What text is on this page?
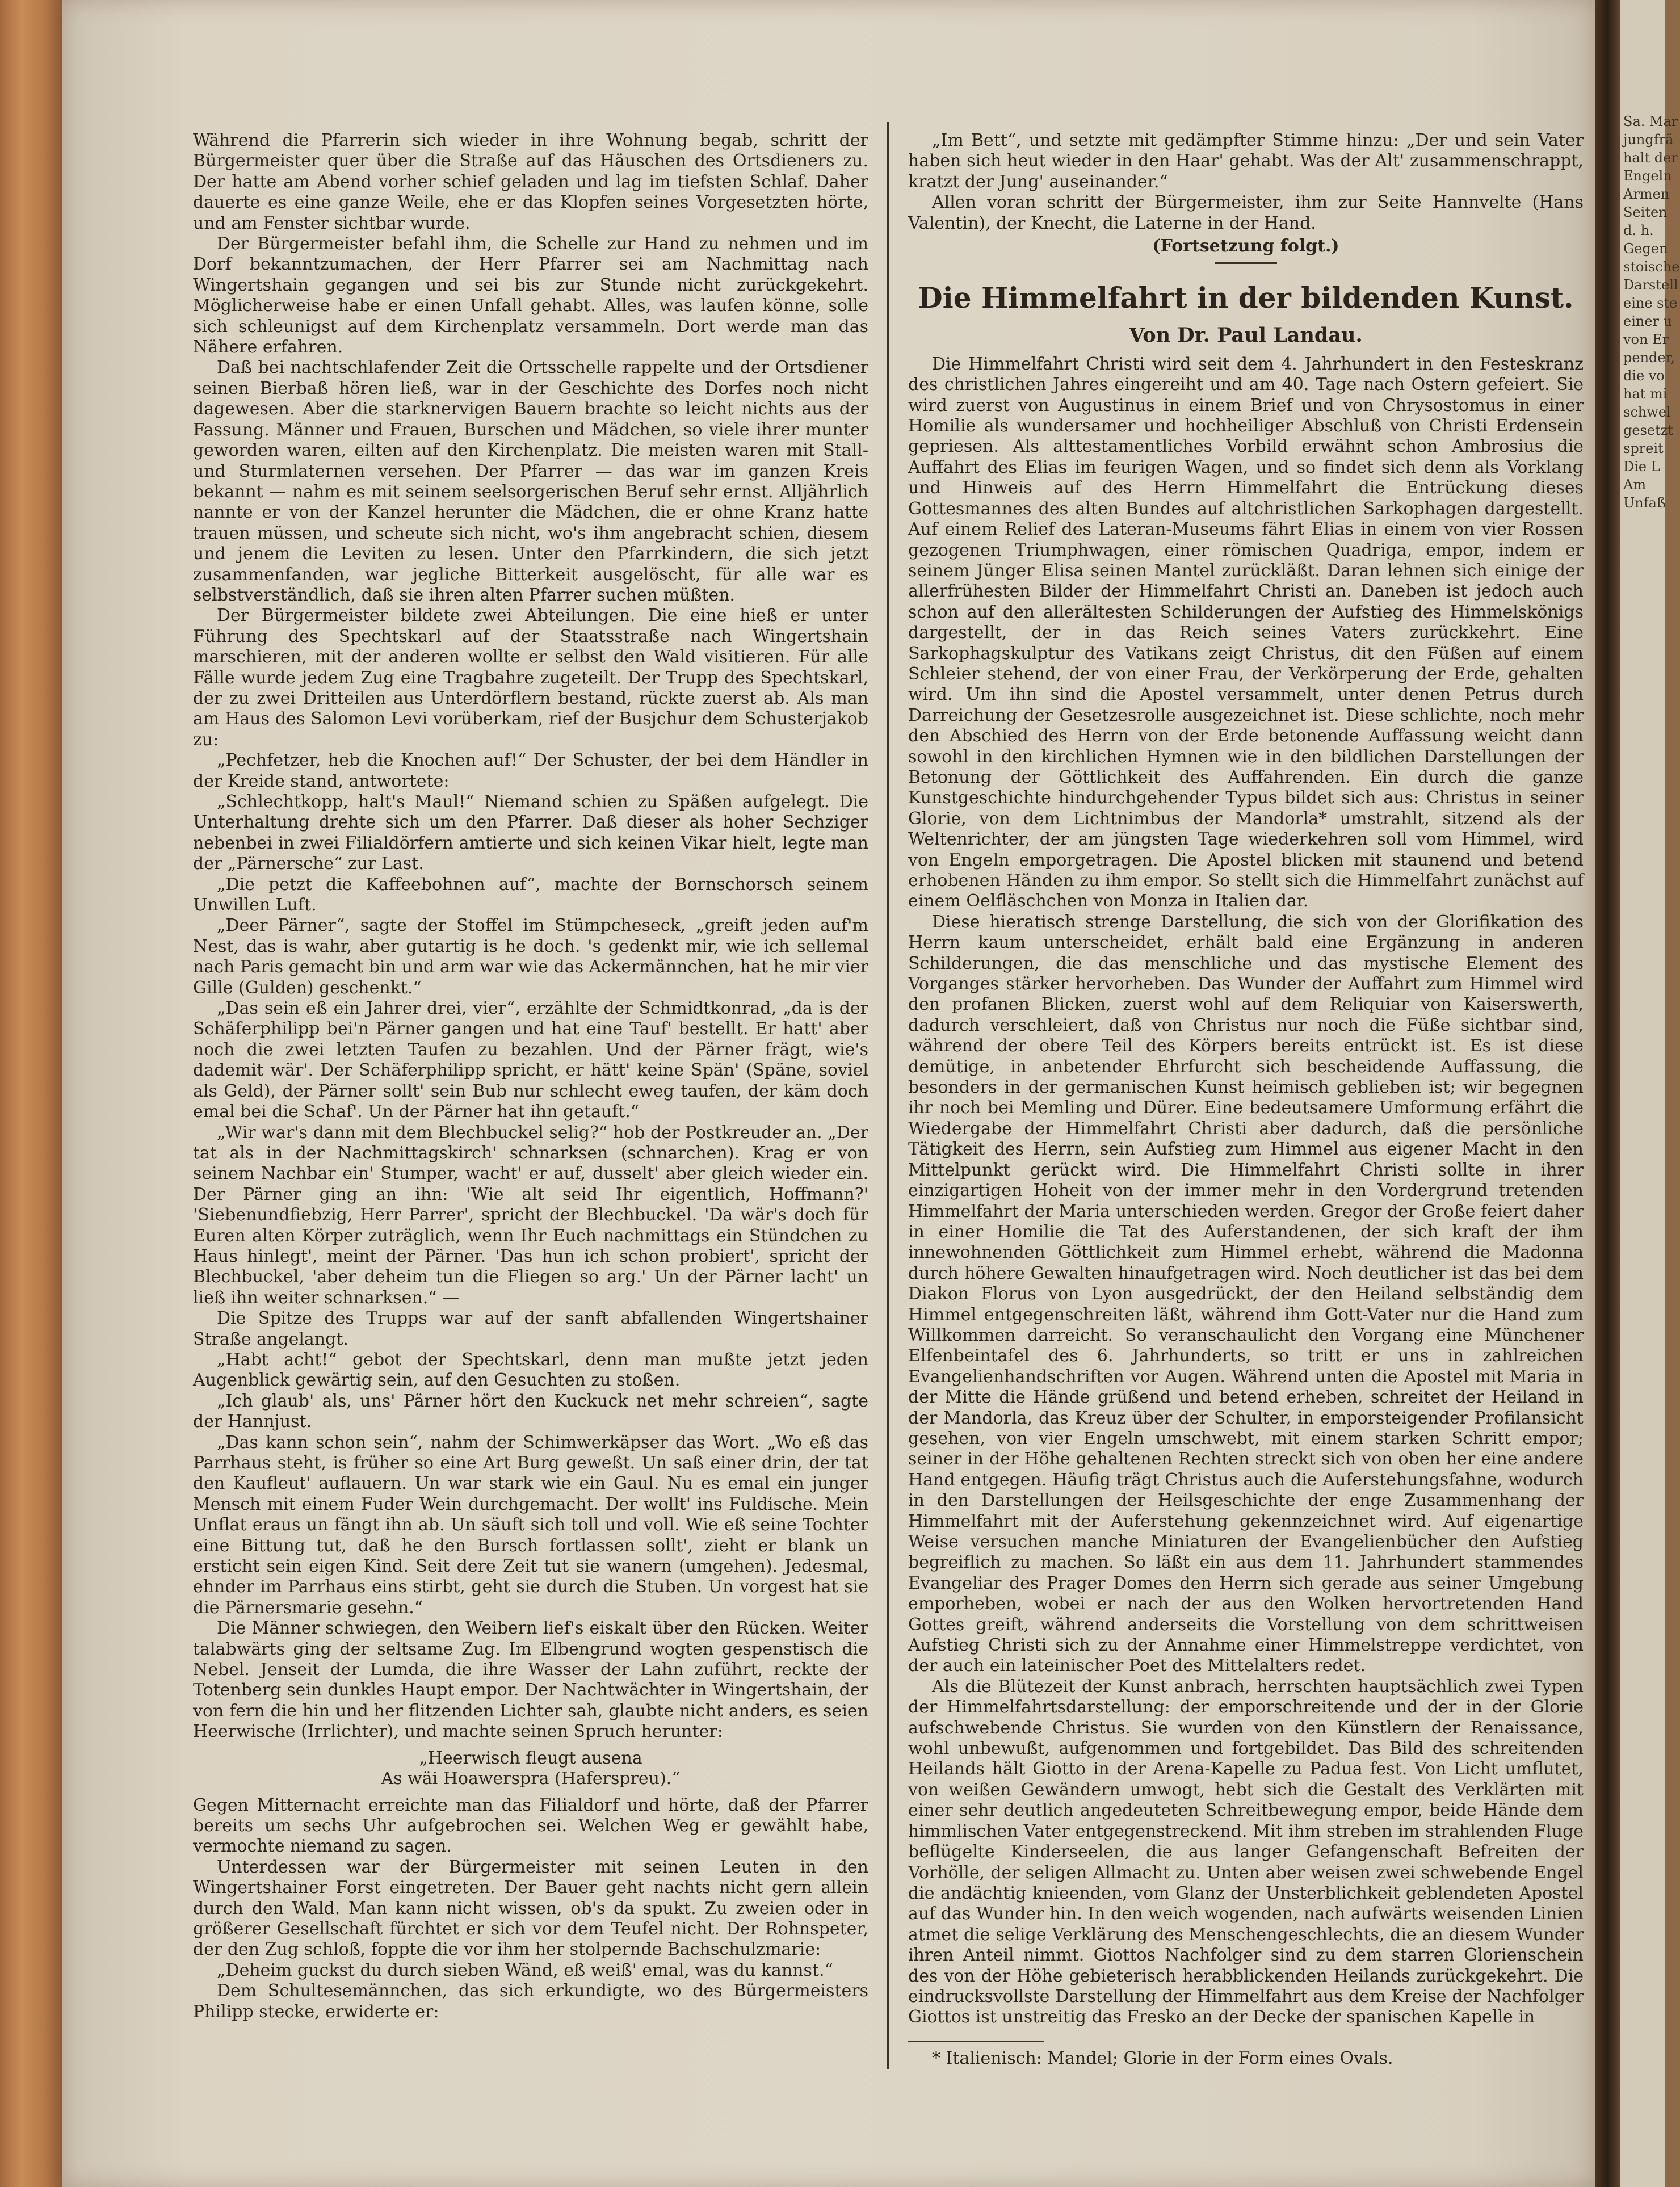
Während die Pfarrerin sich wieder in ihre Wohnung begab, schritt der Bürgermeister quer über die Straße auf das Häuschen des Ortsdieners zu. Der hatte am Abend vorher schief geladen und lag im tiefsten Schlaf. Daher dauerte es eine ganze Weile, ehe er das Klopfen seines Vorgesetzten hörte, und am Fenster sichtbar wurde.

Der Bürgermeister befahl ihm, die Schelle zur Hand zu nehmen und im Dorf bekanntzumachen, der Herr Pfarrer sei am Nachmittag nach Wingertshain gegangen und sei bis zur Stunde nicht zurückgekehrt. Möglicherweise habe er einen Unfall gehabt. Alles, was laufen könne, solle sich schleunigst auf dem Kirchenplatz versammeln. Dort werde man das Nähere erfahren.

Daß bei nachtschlafender Zeit die Ortsschelle rappelte und der Ortsdiener seinen Bierbaß hören ließ, war in der Geschichte des Dorfes noch nicht dagewesen. Aber die starknervigen Bauern brachte so leicht nichts aus der Fassung. Männer und Frauen, Burschen und Mädchen, so viele ihrer munter geworden waren, eilten auf den Kirchenplatz. Die meisten waren mit Stall- und Sturmlaternen versehen. Der Pfarrer — das war im ganzen Kreis bekannt — nahm es mit seinem seelsorgerischen Beruf sehr ernst. Alljährlich nannte er von der Kanzel herunter die Mädchen, die er ohne Kranz hatte trauen müssen, und scheute sich nicht, wo's ihm angebracht schien, diesem und jenem die Leviten zu lesen. Unter den Pfarrkindern, die sich jetzt zusammenfanden, war jegliche Bitterkeit ausgelöscht, für alle war es selbstverständlich, daß sie ihren alten Pfarrer suchen müßten.

Der Bürgermeister bildete zwei Abteilungen. Die eine hieß er unter Führung des Spechtskarl auf der Staatsstraße nach Wingertshain marschieren, mit der anderen wollte er selbst den Wald visitieren. Für alle Fälle wurde jedem Zug eine Tragbahre zugeteilt. Der Trupp des Spechtskarl, der zu zwei Dritteilen aus Unterdörflern bestand, rückte zuerst ab. Als man am Haus des Salomon Levi vorüberkam, rief der Busjchur dem Schusterjakob zu:

„Pechfetzer, heb die Knochen auf!“ Der Schuster, der bei dem Händler in der Kreide stand, antwortete:

„Schlechtkopp, halt's Maul!“ Niemand schien zu Späßen aufgelegt. Die Unterhaltung drehte sich um den Pfarrer. Daß dieser als hoher Sechziger nebenbei in zwei Filialdörfern amtierte und sich keinen Vikar hielt, legte man der „Pärnersche“ zur Last.

„Die petzt die Kaffeebohnen auf“, machte der Bornschorsch seinem Unwillen Luft.

„Deer Pärner“, sagte der Stoffel im Stümpcheseck, „greift jeden auf'm Nest, das is wahr, aber gutartig is he doch. 's gedenkt mir, wie ich sellemal nach Paris gemacht bin und arm war wie das Ackermännchen, hat he mir vier Gille (Gulden) geschenkt.“

„Das sein eß ein Jahrer drei, vier“, erzählte der Schmidtkonrad, „da is der Schäferphilipp bei'n Pärner gangen und hat eine Tauf' bestellt. Er hatt' aber noch die zwei letzten Taufen zu bezahlen. Und der Pärner frägt, wie's dademit wär'. Der Schäferphilipp spricht, er hätt' keine Spän' (Späne, soviel als Geld), der Pärner sollt' sein Bub nur schlecht eweg taufen, der käm doch emal bei die Schaf'. Un der Pärner hat ihn getauft.“

„Wir war's dann mit dem Blechbuckel selig?“ hob der Postkreuder an. „Der tat als in der Nachmittagskirch' schnarksen (schnarchen). Krag er von seinem Nachbar ein' Stumper, wacht' er auf, dusselt' aber gleich wieder ein. Der Pärner ging an ihn: 'Wie alt seid Ihr eigentlich, Hoffmann?' 'Siebenundfiebzig, Herr Parrer', spricht der Blechbuckel. 'Da wär's doch für Euren alten Körper zuträglich, wenn Ihr Euch nachmittags ein Stündchen zu Haus hinlegt', meint der Pärner. 'Das hun ich schon probiert', spricht der Blechbuckel, 'aber deheim tun die Fliegen so arg.' Un der Pärner lacht' un ließ ihn weiter schnarksen.“ —

Die Spitze des Trupps war auf der sanft abfallenden Wingertshainer Straße angelangt.

„Habt acht!“ gebot der Spechtskarl, denn man mußte jetzt jeden Augenblick gewärtig sein, auf den Gesuchten zu stoßen.

„Ich glaub' als, uns' Pärner hört den Kuckuck net mehr schreien“, sagte der Hannjust.

„Das kann schon sein“, nahm der Schimwerkäpser das Wort. „Wo eß das Parrhaus steht, is früher so eine Art Burg geweßt. Un saß einer drin, der tat den Kaufleut' auflauern. Un war stark wie ein Gaul. Nu es emal ein junger Mensch mit einem Fuder Wein durchgemacht. Der wollt' ins Fuldische. Mein Unflat eraus un fängt ihn ab. Un säuft sich toll und voll. Wie eß seine Tochter eine Bittung tut, daß he den Bursch fortlassen sollt', zieht er blank un ersticht sein eigen Kind. Seit dere Zeit tut sie wanern (umgehen). Jedesmal, ehnder im Parrhaus eins stirbt, geht sie durch die Stuben. Un vorgest hat sie die Pärnersmarie gesehn.“

Die Männer schwiegen, den Weibern lief's eiskalt über den Rücken. Weiter talabwärts ging der seltsame Zug. Im Elbengrund wogten gespenstisch die Nebel. Jenseit der Lumda, die ihre Wasser der Lahn zuführt, reckte der Totenberg sein dunkles Haupt empor. Der Nachtwächter in Wingertshain, der von fern die hin und her flitzenden Lichter sah, glaubte nicht anders, es seien Heerwische (Irrlichter), und machte seinen Spruch herunter:

„Heerwisch fleugt ausena
As wäi Hoawerspra (Haferspreu).“

Gegen Mitternacht erreichte man das Filialdorf und hörte, daß der Pfarrer bereits um sechs Uhr aufgebrochen sei. Welchen Weg er gewählt habe, vermochte niemand zu sagen.

Unterdessen war der Bürgermeister mit seinen Leuten in den Wingertshainer Forst eingetreten. Der Bauer geht nachts nicht gern allein durch den Wald. Man kann nicht wissen, ob's da spukt. Zu zweien oder in größerer Gesellschaft fürchtet er sich vor dem Teufel nicht. Der Rohnspeter, der den Zug schloß, foppte die vor ihm her stolpernde Bachschulzmarie:

„Deheim guckst du durch sieben Wänd, eß weiß' emal, was du kannst.“

Dem Schultesemännchen, das sich erkundigte, wo des Bürgermeisters Philipp stecke, erwiderte er:

„Im Bett“, und setzte mit gedämpfter Stimme hinzu: „Der und sein Vater haben sich heut wieder in den Haar' gehabt. Was der Alt' zusammenschrappt, kratzt der Jung' auseinander.“

Allen voran schritt der Bürgermeister, ihm zur Seite Hannvelte (Hans Valentin), der Knecht, die Laterne in der Hand.

(Fortsetzung folgt.)
Die Himmelfahrt in der bildenden Kunst.
Von Dr. Paul Landau.

Die Himmelfahrt Christi wird seit dem 4. Jahrhundert in den Festeskranz des christlichen Jahres eingereiht und am 40. Tage nach Ostern gefeiert. Sie wird zuerst von Augustinus in einem Brief und von Chrysostomus in einer Homilie als wundersamer und hochheiliger Abschluß von Christi Erdensein gepriesen. Als alttestamentliches Vorbild erwähnt schon Ambrosius die Auffahrt des Elias im feurigen Wagen, und so findet sich denn als Vorklang und Hinweis auf des Herrn Himmelfahrt die Entrückung dieses Gottesmannes des alten Bundes auf altchristlichen Sarkophagen dargestellt. Auf einem Relief des Lateran-Museums fährt Elias in einem von vier Rossen gezogenen Triumphwagen, einer römischen Quadriga, empor, indem er seinem Jünger Elisa seinen Mantel zurückläßt. Daran lehnen sich einige der allerfrühesten Bilder der Himmelfahrt Christi an. Daneben ist jedoch auch schon auf den allerältesten Schilderungen der Aufstieg des Himmelskönigs dargestellt, der in das Reich seines Vaters zurückkehrt. Eine Sarkophagskulptur des Vatikans zeigt Christus, dit den Füßen auf einem Schleier stehend, der von einer Frau, der Verkörperung der Erde, gehalten wird. Um ihn sind die Apostel versammelt, unter denen Petrus durch Darreichung der Gesetzesrolle ausgezeichnet ist. Diese schlichte, noch mehr den Abschied des Herrn von der Erde betonende Auffassung weicht dann sowohl in den kirchlichen Hymnen wie in den bildlichen Darstellungen der Betonung der Göttlichkeit des Auffahrenden. Ein durch die ganze Kunstgeschichte hindurchgehender Typus bildet sich aus: Christus in seiner Glorie, von dem Lichtnimbus der Mandorla* umstrahlt, sitzend als der Weltenrichter, der am jüngsten Tage wiederkehren soll vom Himmel, wird von Engeln emporgetragen. Die Apostel blicken mit staunend und betend erhobenen Händen zu ihm empor. So stellt sich die Himmelfahrt zunächst auf einem Oelfläschchen von Monza in Italien dar.

Diese hieratisch strenge Darstellung, die sich von der Glorifikation des Herrn kaum unterscheidet, erhält bald eine Ergänzung in anderen Schilderungen, die das menschliche und das mystische Element des Vorganges stärker hervorheben. Das Wunder der Auffahrt zum Himmel wird den profanen Blicken, zuerst wohl auf dem Reliquiar von Kaiserswerth, dadurch verschleiert, daß von Christus nur noch die Füße sichtbar sind, während der obere Teil des Körpers bereits entrückt ist. Es ist diese demütige, in anbetender Ehrfurcht sich bescheidende Auffassung, die besonders in der germanischen Kunst heimisch geblieben ist; wir begegnen ihr noch bei Memling und Dürer. Eine bedeutsamere Umformung erfährt die Wiedergabe der Himmelfahrt Christi aber dadurch, daß die persönliche Tätigkeit des Herrn, sein Aufstieg zum Himmel aus eigener Macht in den Mittelpunkt gerückt wird. Die Himmelfahrt Christi sollte in ihrer einzigartigen Hoheit von der immer mehr in den Vordergrund tretenden Himmelfahrt der Maria unterschieden werden. Gregor der Große feiert daher in einer Homilie die Tat des Auferstandenen, der sich kraft der ihm innewohnenden Göttlichkeit zum Himmel erhebt, während die Madonna durch höhere Gewalten hinaufgetragen wird. Noch deutlicher ist das bei dem Diakon Florus von Lyon ausgedrückt, der den Heiland selbständig dem Himmel entgegenschreiten läßt, während ihm Gott-Vater nur die Hand zum Willkommen darreicht. So veranschaulicht den Vorgang eine Münchener Elfenbeintafel des 6. Jahrhunderts, so tritt er uns in zahlreichen Evangelienhandschriften vor Augen. Während unten die Apostel mit Maria in der Mitte die Hände grüßend und betend erheben, schreitet der Heiland in der Mandorla, das Kreuz über der Schulter, in emporsteigender Profilansicht gesehen, von vier Engeln umschwebt, mit einem starken Schritt empor; seiner in der Höhe gehaltenen Rechten streckt sich von oben her eine andere Hand entgegen. Häufig trägt Christus auch die Auferstehungsfahne, wodurch in den Darstellungen der Heilsgeschichte der enge Zusammenhang der Himmelfahrt mit der Auferstehung gekennzeichnet wird. Auf eigenartige Weise versuchen manche Miniaturen der Evangelienbücher den Aufstieg begreiflich zu machen. So läßt ein aus dem 11. Jahrhundert stammendes Evangeliar des Prager Domes den Herrn sich gerade aus seiner Umgebung emporheben, wobei er nach der aus den Wolken hervortretenden Hand Gottes greift, während anderseits die Vorstellung von dem schrittweisen Aufstieg Christi sich zu der Annahme einer Himmelstreppe verdichtet, von der auch ein lateinischer Poet des Mittelalters redet.

Als die Blütezeit der Kunst anbrach, herrschten hauptsächlich zwei Typen der Himmelfahrtsdarstellung: der emporschreitende und der in der Glorie aufschwebende Christus. Sie wurden von den Künstlern der Renaissance, wohl unbewußt, aufgenommen und fortgebildet. Das Bild des schreitenden Heilands hält Giotto in der Arena-Kapelle zu Padua fest. Von Licht umflutet, von weißen Gewändern umwogt, hebt sich die Gestalt des Verklärten mit einer sehr deutlich angedeuteten Schreitbewegung empor, beide Hände dem himmlischen Vater entgegenstreckend. Mit ihm streben im strahlenden Fluge beflügelte Kinderseelen, die aus langer Gefangenschaft Befreiten der Vorhölle, der seligen Allmacht zu. Unten aber weisen zwei schwebende Engel die andächtig knieenden, vom Glanz der Unsterblichkeit geblendeten Apostel auf das Wunder hin. In den weich wogenden, nach aufwärts weisenden Linien atmet die selige Verklärung des Menschengeschlechts, die an diesem Wunder ihren Anteil nimmt. Giottos Nachfolger sind zu dem starren Glorienschein des von der Höhe gebieterisch herabblickenden Heilands zurückgekehrt. Die eindrucksvollste Darstellung der Himmelfahrt aus dem Kreise der Nachfolger Giottos ist unstreitig das Fresko an der Decke der spanischen Kapelle in

* Italienisch: Mandel; Glorie in der Form eines Ovals.

Sa. Mar
jungfrä
halt der
Engeln
Armen
Seiten
d. h.
Gegen
stoische
Darstell
eine ste
einer u
von Er
pender,
die vo
hat mi
schwel
gesetzt
spreit
Die L
Am
Unfaß
